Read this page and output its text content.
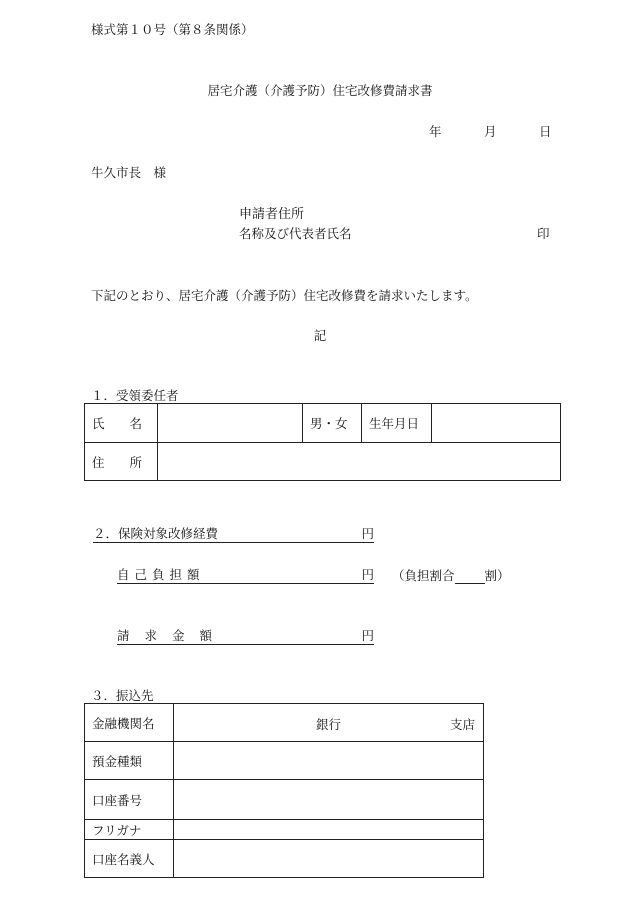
様式第１０号（第８条関係）
居宅介護（介護予防）住宅改修費請求書
年	月	日
牛久市長　様
申請者住所
名称及び代表者氏名	印
下記のとおり、居宅介護（介護予防）住宅改修費を請求いたします。
記
１．受領委任者
氏　　名		男・女	生年月日	
住　　所				
２．保険対象改修経費	円
自己負担額	円 （負担割合 割）
請求金額	円
３．振込先
金融機関名	銀行 支店

預金種類	
口座番号	
フリガナ	
口座名義人	
